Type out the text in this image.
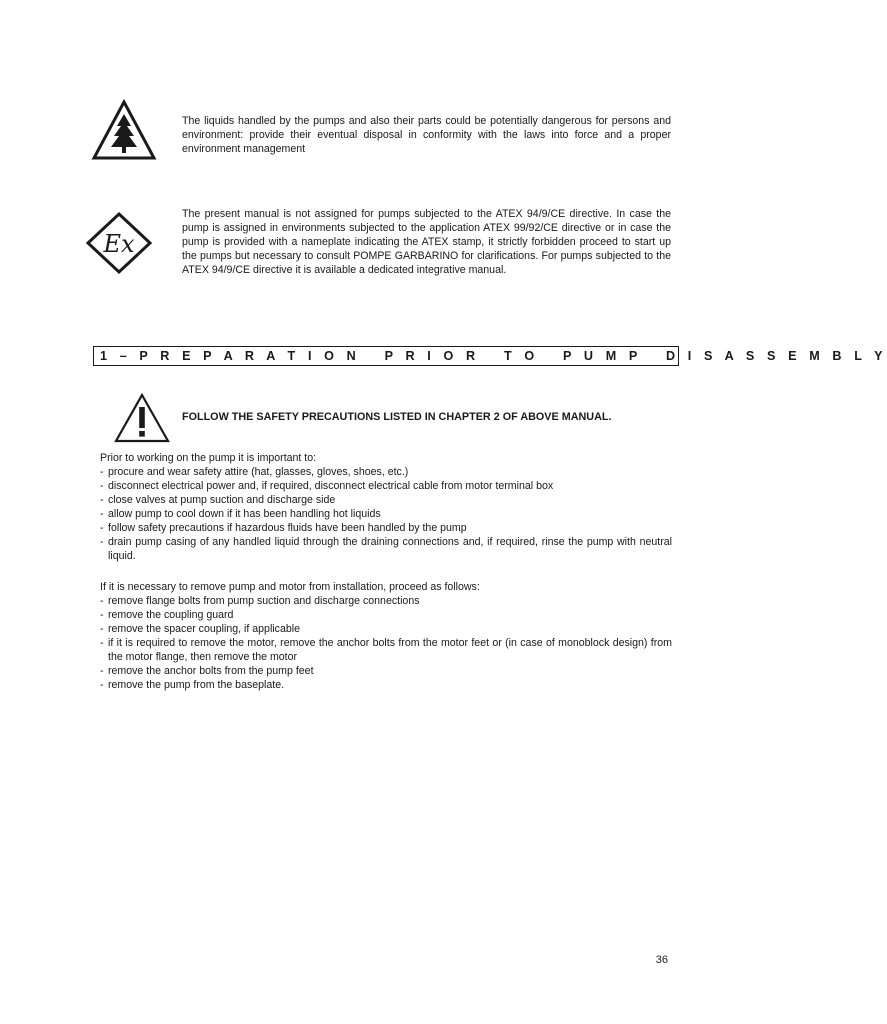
The liquids handled by the pumps and also their parts could be potentially dangerous for persons and environment: provide their eventual disposal in conformity with the laws into force and a proper environment management

Ex

The present manual is not assigned for pumps subjected to the ATEX 94/9/CE directive. In case the pump is assigned in environments subjected to the application ATEX 99/92/CE directive or in case the pump is provided with a nameplate indicating the ATEX stamp, it strictly forbidden proceed to start up the pumps but necessary to consult POMPE GARBARINO for clarifications. For pumps subjected to the ATEX 94/9/CE directive it is available a dedicated integrative manual.

1 – P R E P A R A T I O N   P R I O R   T O   P U M P   D I S A S S E M B L Y
FOLLOW THE SAFETY PRECAUTIONS LISTED IN CHAPTER 2 OF ABOVE MANUAL.

Prior to working on the pump it is important to:

- procure and wear safety attire (hat, glasses, gloves, shoes, etc.)
- disconnect electrical power and, if required, disconnect electrical cable from motor terminal box
- close valves at pump suction and discharge side
- allow pump to cool down if it has been handling hot liquids
- follow safety precautions if hazardous fluids have been handled by the pump
- drain pump casing of any handled liquid through the draining connections and, if required, rinse the pump with neutral liquid.

If it is necessary to remove pump and motor from installation, proceed as follows:

- remove flange bolts from pump suction and discharge connections
- remove the coupling guard
- remove the spacer coupling, if applicable
- if it is required to remove the motor, remove the anchor bolts from the motor feet or (in case of monoblock design) from the motor flange, then remove the motor
- remove the anchor bolts from the pump feet
- remove the pump from the baseplate.
36
